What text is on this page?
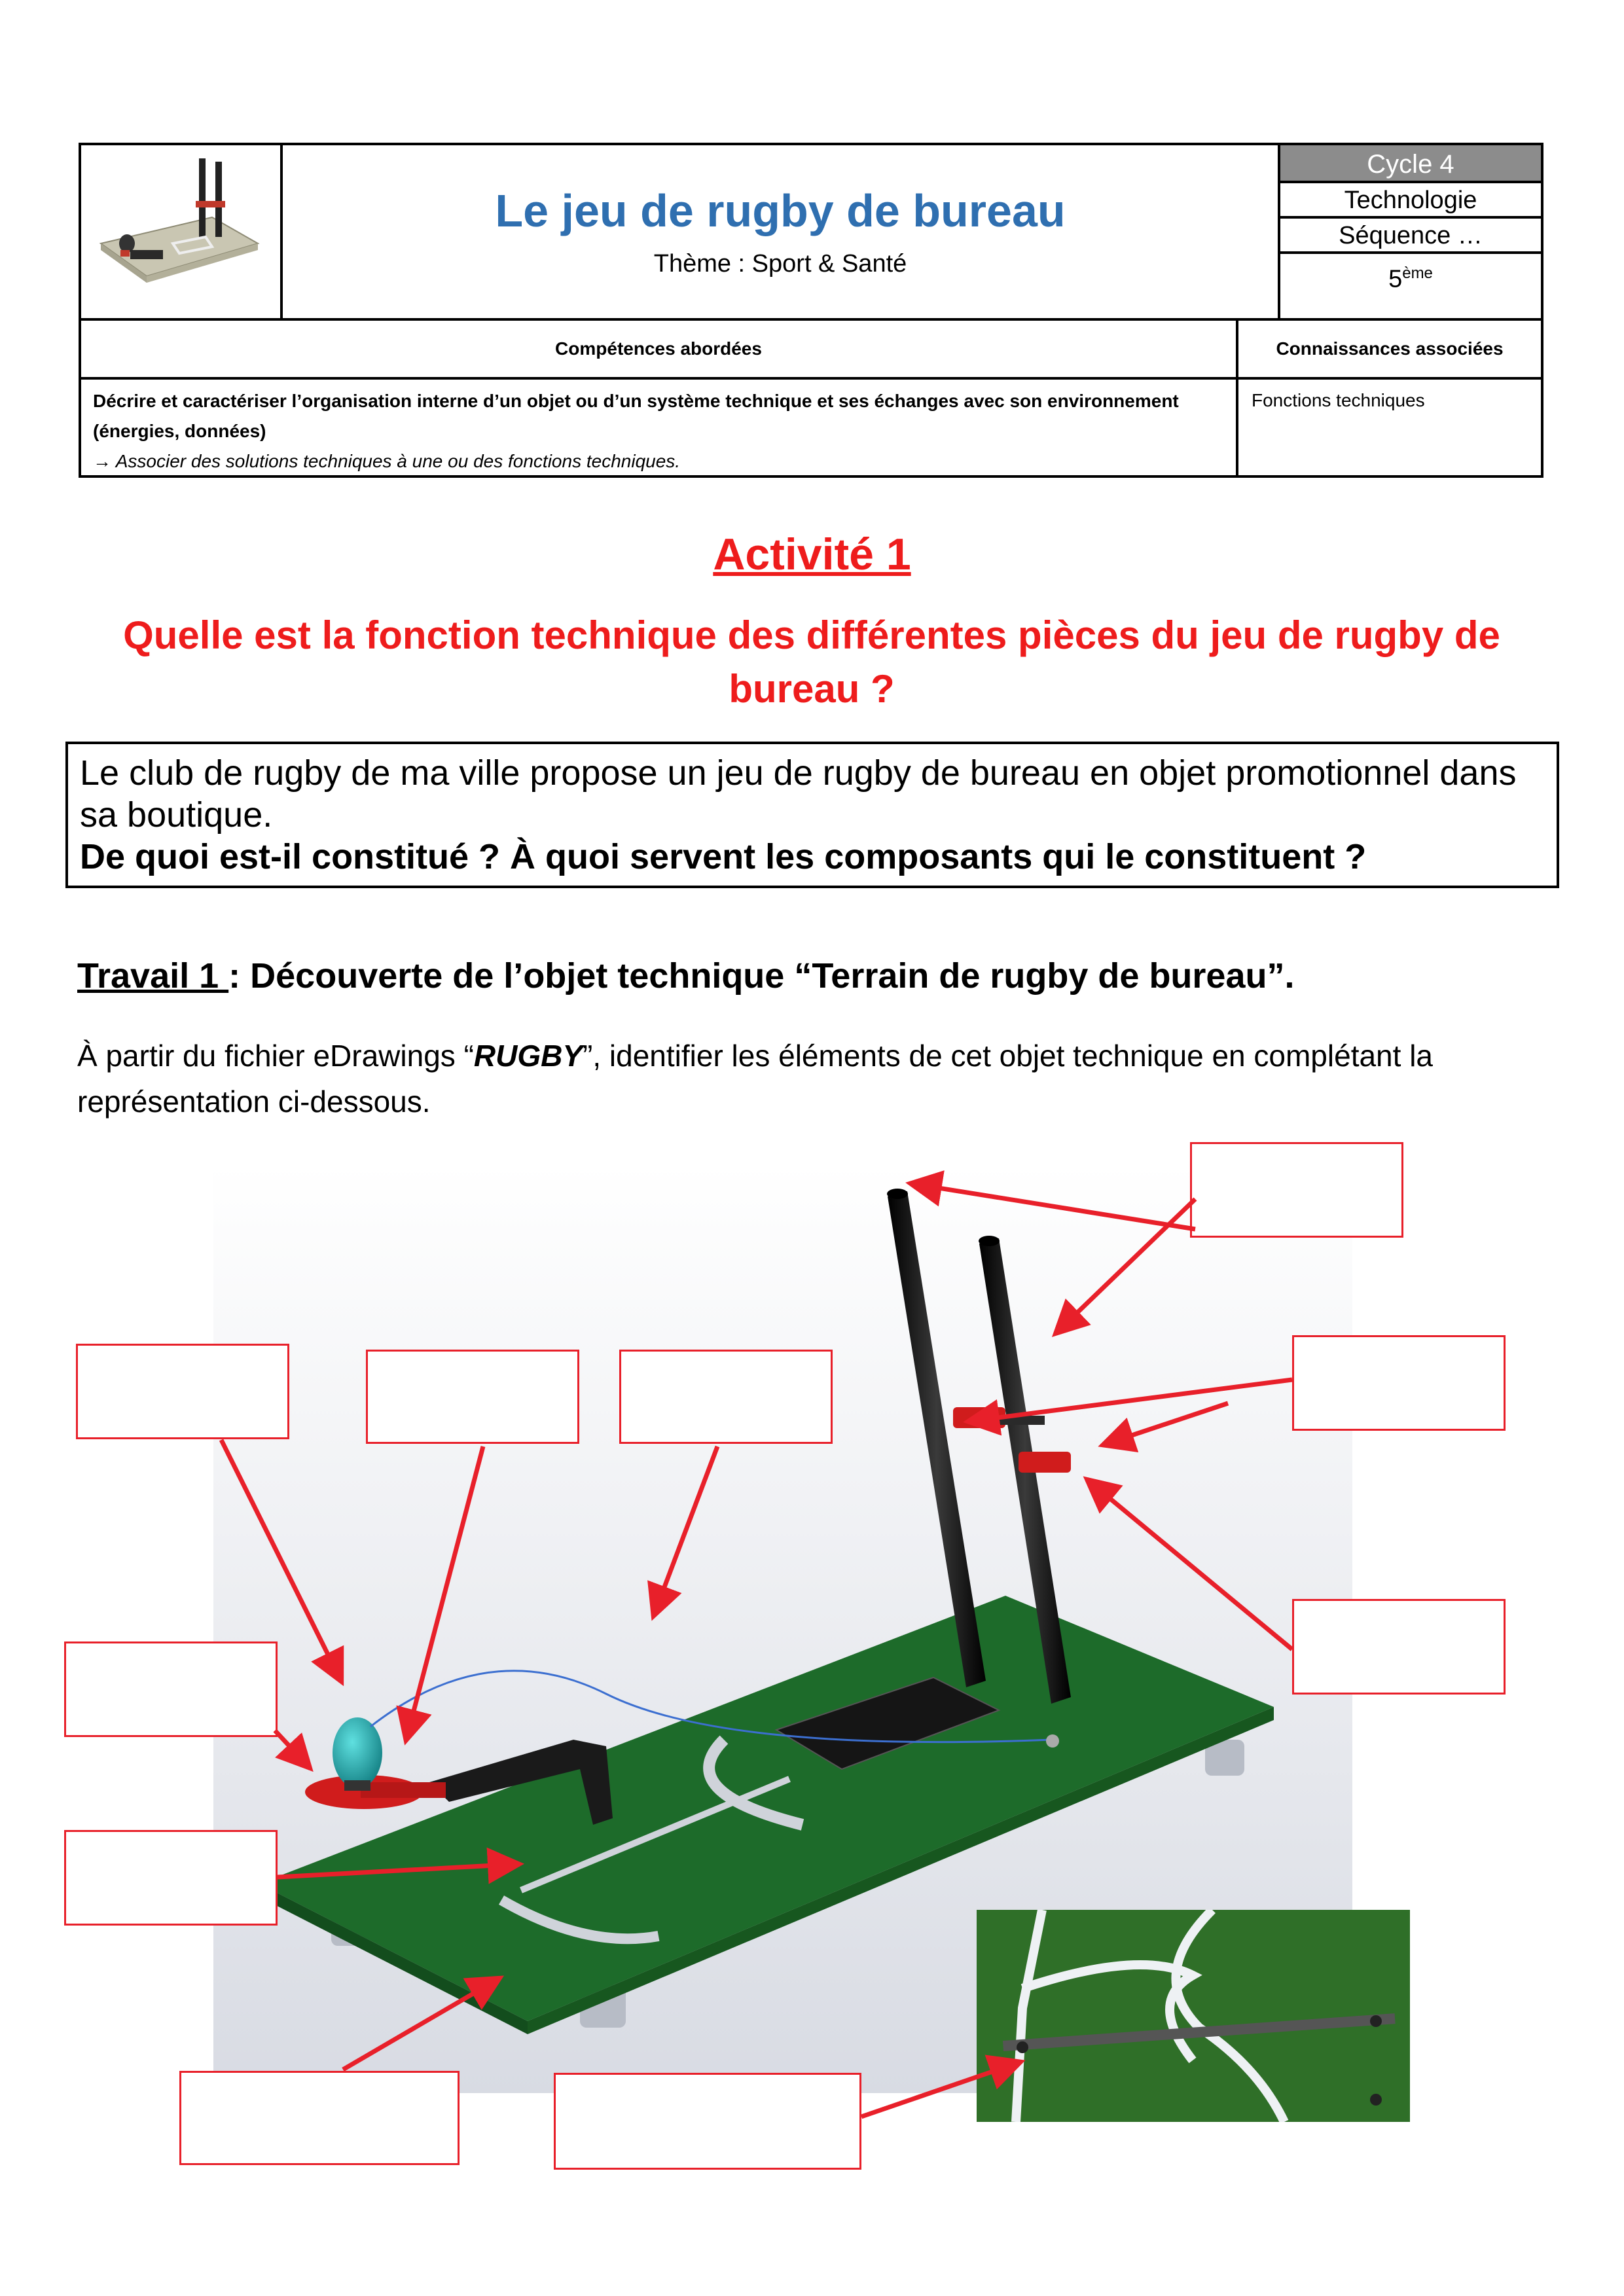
Le jeu de rugby de bureau
Thème : Sport & Santé
Cycle 4
Technologie
Séquence …
5ème
Compétences abordées	Connaissances associées
Décrire et caractériser l’organisation interne d’un objet ou d’un système technique et ses échanges avec son environnement (énergies, données)
→ Associer des solutions techniques à une ou des fonctions techniques.
Fonctions techniques
Activité 1
Quelle est la fonction technique des différentes pièces du jeu de rugby de bureau ?
Le club de rugby de ma ville propose un jeu de rugby de bureau en objet promotionnel dans sa boutique.
De quoi est-il constitué ? À quoi servent les composants qui le constituent ?
Travail 1 : Découverte de l’objet technique “Terrain de rugby de bureau”.
À partir du fichier eDrawings “RUGBY”, identifier les éléments de cet objet technique en complétant la représentation ci-dessous.
